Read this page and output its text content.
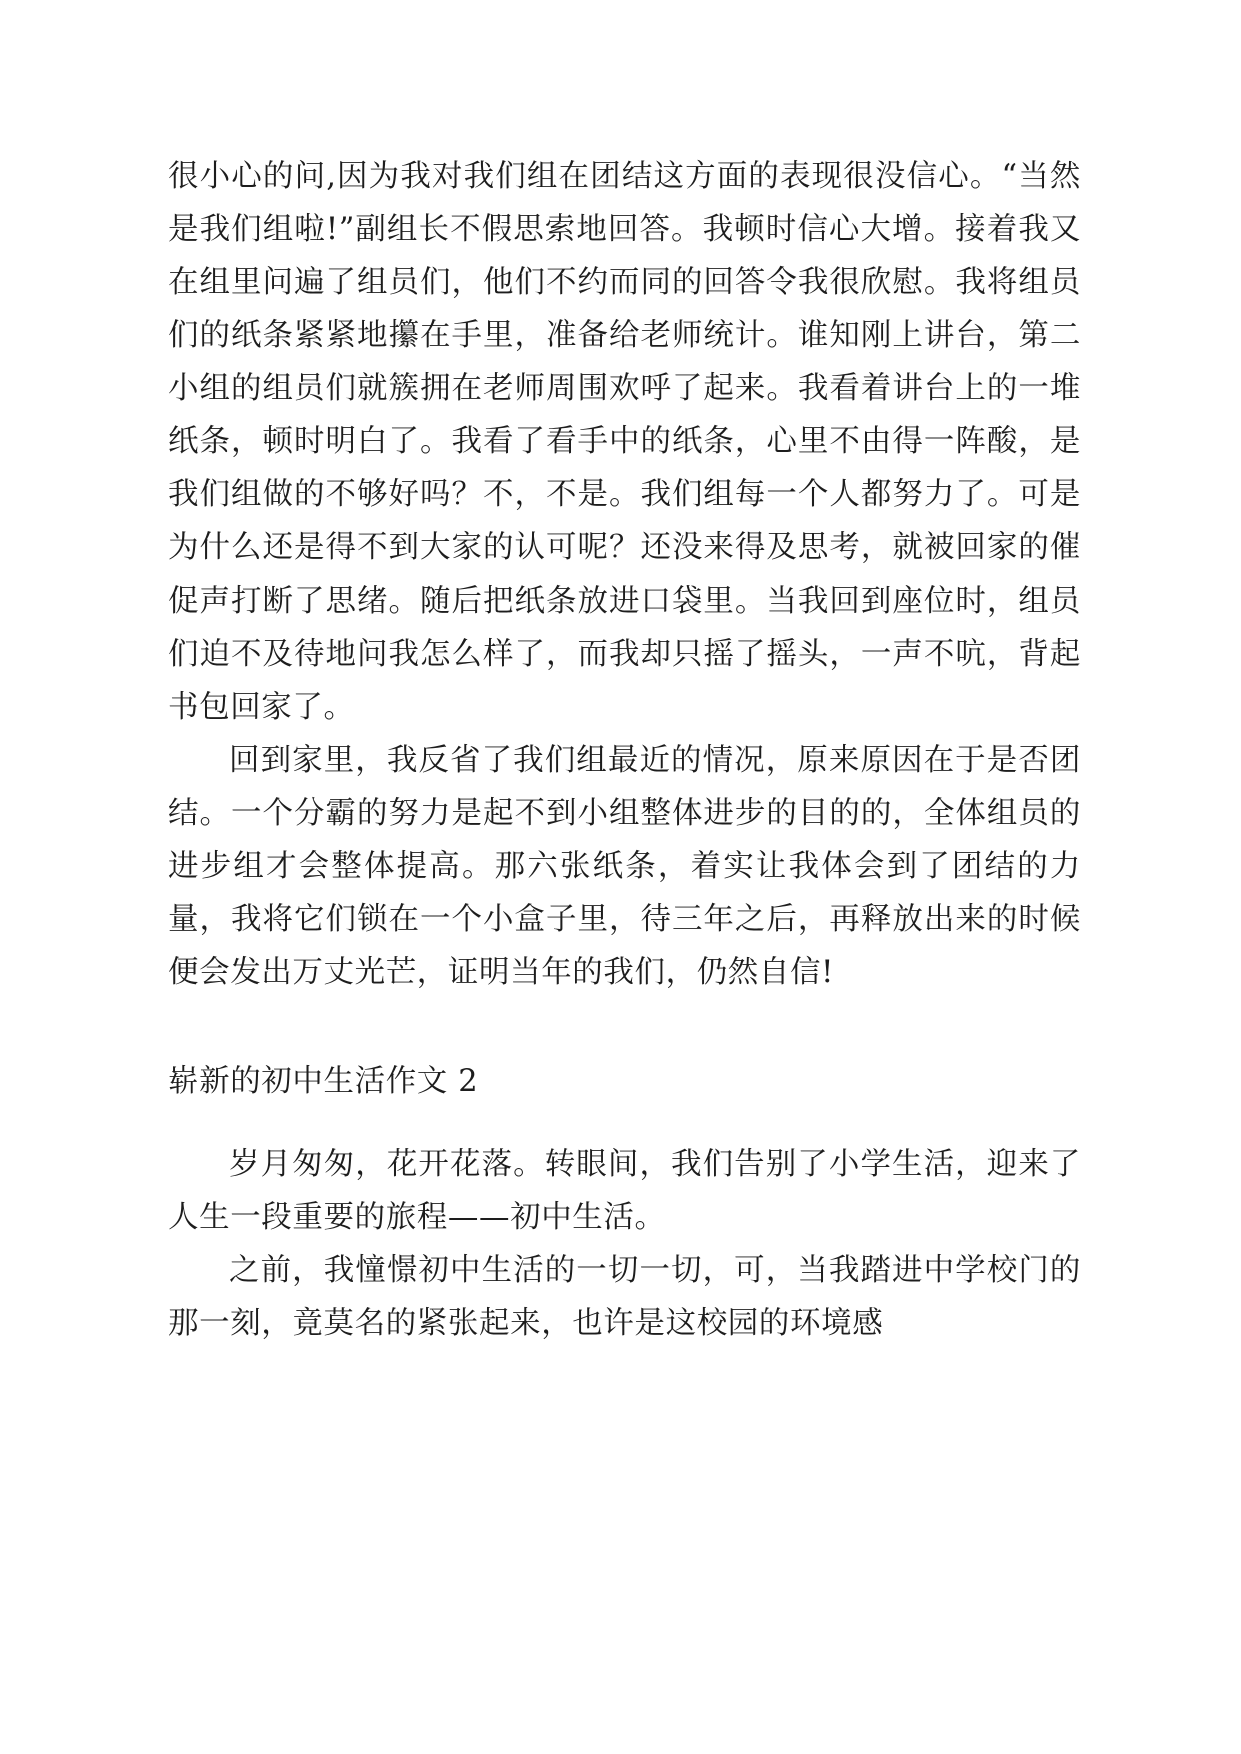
很小心的问,因为我对我们组在团结这方面的表现很没信心。“当然是我们组啦!”副组长不假思索地回答。我顿时信心大增。接着我又在组里问遍了组员们，他们不约而同的回答令我很欣慰。我将组员们的纸条紧紧地攥在手里，准备给老师统计。谁知刚上讲台，第二小组的组员们就簇拥在老师周围欢呼了起来。我看着讲台上的一堆纸条，顿时明白了。我看了看手中的纸条，心里不由得一阵酸，是我们组做的不够好吗？不，不是。我们组每一个人都努力了。可是为什么还是得不到大家的认可呢？还没来得及思考，就被回家的催促声打断了思绪。随后把纸条放进口袋里。当我回到座位时，组员们迫不及待地问我怎么样了，而我却只摇了摇头，一声不吭，背起书包回家了。

回到家里，我反省了我们组最近的情况，原来原因在于是否团结。一个分霸的努力是起不到小组整体进步的目的的，全体组员的进步组才会整体提高。那六张纸条，着实让我体会到了团结的力量，我将它们锁在一个小盒子里，待三年之后，再释放出来的时候便会发出万丈光芒，证明当年的我们，仍然自信!

崭新的初中生活作文 2

岁月匆匆，花开花落。转眼间，我们告别了小学生活，迎来了人生一段重要的旅程——初中生活。

之前，我憧憬初中生活的一切一切，可，当我踏进中学校门的那一刻，竟莫名的紧张起来，也许是这校园的环境感
